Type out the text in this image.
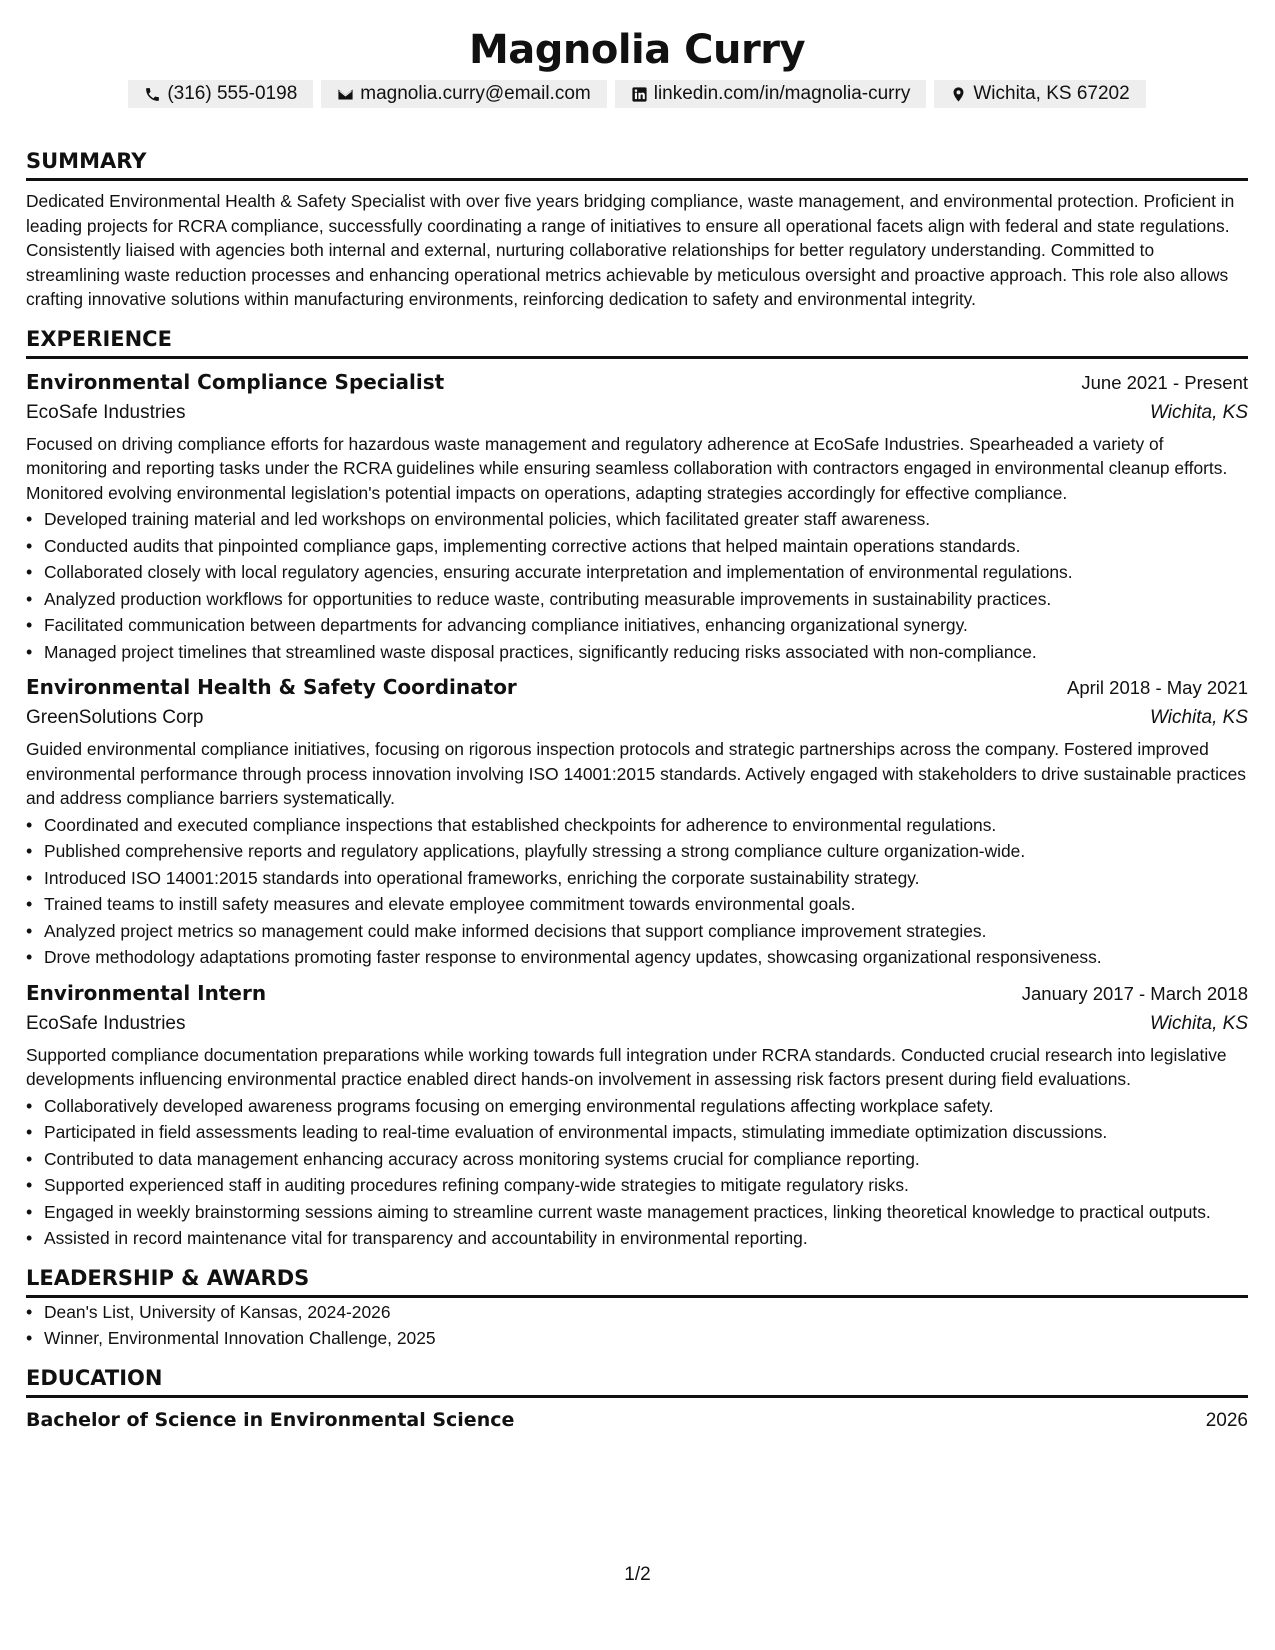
Magnolia Curry
(316) 555-0198	magnolia.curry@email.com	linkedin.com/in/magnolia-curry	Wichita, KS 67202
SUMMARY

Dedicated Environmental Health & Safety Specialist with over five years bridging compliance, waste management, and environmental protection. Proficient in leading projects for RCRA compliance, successfully coordinating a range of initiatives to ensure all operational facets align with federal and state regulations. Consistently liaised with agencies both internal and external, nurturing collaborative relationships for better regulatory understanding. Committed to streamlining waste reduction processes and enhancing operational metrics achievable by meticulous oversight and proactive approach. This role also allows crafting innovative solutions within manufacturing environments, reinforcing dedication to safety and environmental integrity.

EXPERIENCE
Environmental Compliance Specialist	June 2021 - Present
EcoSafe Industries	Wichita, KS

Focused on driving compliance efforts for hazardous waste management and regulatory adherence at EcoSafe Industries. Spearheaded a variety of monitoring and reporting tasks under the RCRA guidelines while ensuring seamless collaboration with contractors engaged in environmental cleanup efforts. Monitored evolving environmental legislation's potential impacts on operations, adapting strategies accordingly for effective compliance.

• Developed training material and led workshops on environmental policies, which facilitated greater staff awareness.
• Conducted audits that pinpointed compliance gaps, implementing corrective actions that helped maintain operations standards.
• Collaborated closely with local regulatory agencies, ensuring accurate interpretation and implementation of environmental regulations.
• Analyzed production workflows for opportunities to reduce waste, contributing measurable improvements in sustainability practices.
• Facilitated communication between departments for advancing compliance initiatives, enhancing organizational synergy.
• Managed project timelines that streamlined waste disposal practices, significantly reducing risks associated with non-compliance.
Environmental Health & Safety Coordinator	April 2018 - May 2021
GreenSolutions Corp	Wichita, KS

Guided environmental compliance initiatives, focusing on rigorous inspection protocols and strategic partnerships across the company. Fostered improved environmental performance through process innovation involving ISO 14001:2015 standards. Actively engaged with stakeholders to drive sustainable practices and address compliance barriers systematically.

• Coordinated and executed compliance inspections that established checkpoints for adherence to environmental regulations.
• Published comprehensive reports and regulatory applications, playfully stressing a strong compliance culture organization-wide.
• Introduced ISO 14001:2015 standards into operational frameworks, enriching the corporate sustainability strategy.
• Trained teams to instill safety measures and elevate employee commitment towards environmental goals.
• Analyzed project metrics so management could make informed decisions that support compliance improvement strategies.
• Drove methodology adaptations promoting faster response to environmental agency updates, showcasing organizational responsiveness.
Environmental Intern	January 2017 - March 2018
EcoSafe Industries	Wichita, KS

Supported compliance documentation preparations while working towards full integration under RCRA standards. Conducted crucial research into legislative developments influencing environmental practice enabled direct hands-on involvement in assessing risk factors present during field evaluations.

• Collaboratively developed awareness programs focusing on emerging environmental regulations affecting workplace safety.
• Participated in field assessments leading to real-time evaluation of environmental impacts, stimulating immediate optimization discussions.
• Contributed to data management enhancing accuracy across monitoring systems crucial for compliance reporting.
• Supported experienced staff in auditing procedures refining company-wide strategies to mitigate regulatory risks.
• Engaged in weekly brainstorming sessions aiming to streamline current waste management practices, linking theoretical knowledge to practical outputs.
• Assisted in record maintenance vital for transparency and accountability in environmental reporting.
LEADERSHIP & AWARDS
• Dean's List, University of Kansas, 2024-2026
• Winner, Environmental Innovation Challenge, 2025
EDUCATION
Bachelor of Science in Environmental Science	2026
1/2
